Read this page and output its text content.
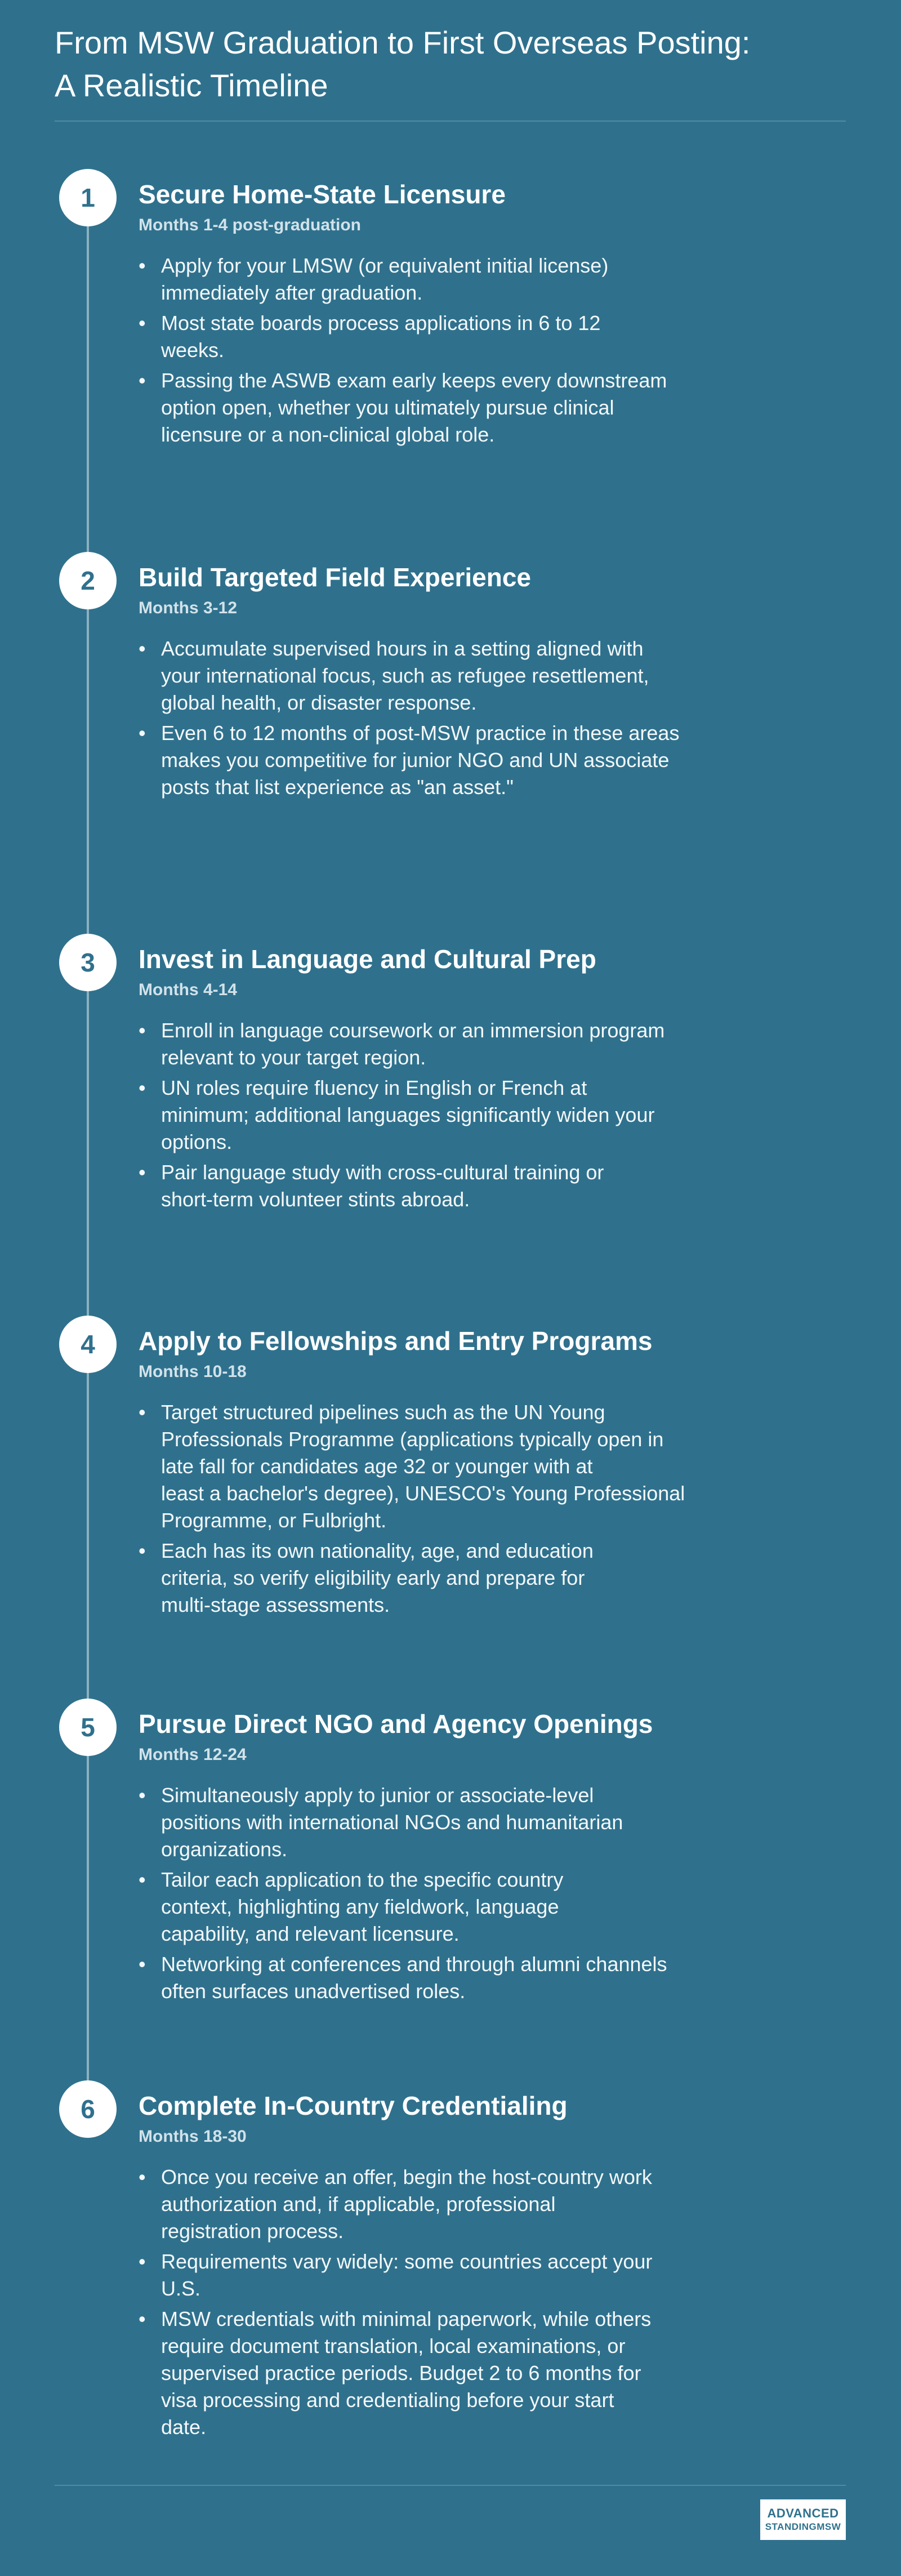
From MSW Graduation to First Overseas Posting:
A Realistic Timeline
1	Secure Home-State Licensure
Months 1-4 post-graduation
• Apply for your LMSW (or equivalent initial license)
immediately after graduation.
• Most state boards process applications in 6 to 12
weeks.
• Passing the ASWB exam early keeps every downstream
option open, whether you ultimately pursue clinical
licensure or a non-clinical global role.
2	Build Targeted Field Experience
Months 3-12
• Accumulate supervised hours in a setting aligned with
your international focus, such as refugee resettlement,
global health, or disaster response.
• Even 6 to 12 months of post-MSW practice in these areas
makes you competitive for junior NGO and UN associate
posts that list experience as "an asset."
3	Invest in Language and Cultural Prep
Months 4-14
• Enroll in language coursework or an immersion program
relevant to your target region.
• UN roles require fluency in English or French at
minimum; additional languages significantly widen your
options.
• Pair language study with cross-cultural training or
short-term volunteer stints abroad.
4	Apply to Fellowships and Entry Programs
Months 10-18
• Target structured pipelines such as the UN Young
Professionals Programme (applications typically open in
late fall for candidates age 32 or younger with at
least a bachelor's degree), UNESCO's Young Professional
Programme, or Fulbright.
• Each has its own nationality, age, and education
criteria, so verify eligibility early and prepare for
multi-stage assessments.
5	Pursue Direct NGO and Agency Openings
Months 12-24
• Simultaneously apply to junior or associate-level
positions with international NGOs and humanitarian
organizations.
• Tailor each application to the specific country
context, highlighting any fieldwork, language
capability, and relevant licensure.
• Networking at conferences and through alumni channels
often surfaces unadvertised roles.
6	Complete In-Country Credentialing
Months 18-30
• Once you receive an offer, begin the host-country work
authorization and, if applicable, professional
registration process.
• Requirements vary widely: some countries accept your
U.S.
• MSW credentials with minimal paperwork, while others
require document translation, local examinations, or
supervised practice periods. Budget 2 to 6 months for
visa processing and credentialing before your start
date.
ADVANCED
STANDINGMSW
